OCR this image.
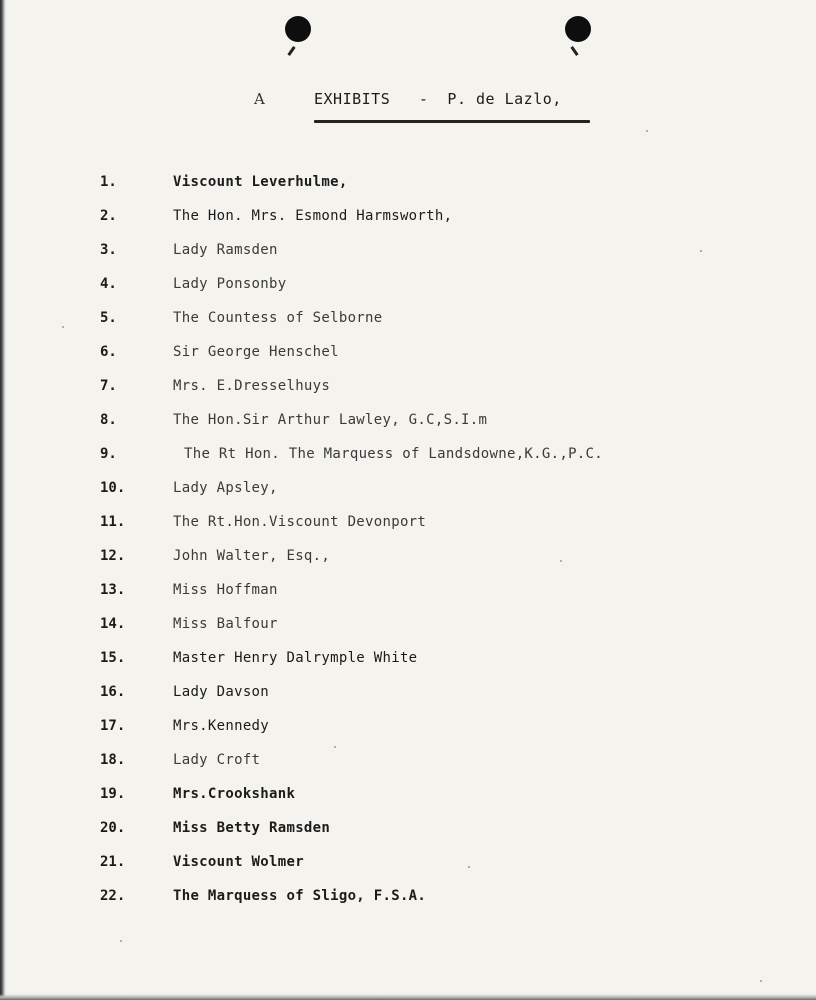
A	EXHIBITS   -  P. de Lazlo,
1.	Viscount Leverhulme,
2.	The Hon. Mrs. Esmond Harmsworth,
3.	Lady Ramsden
4.	Lady Ponsonby
5.	The Countess of Selborne
6.	Sir George Henschel
7.	Mrs. E.Dresselhuys
8.	The Hon.Sir Arthur Lawley, G.C,S.I.m
9.	The Rt Hon. The Marquess of Landsdowne,K.G.,P.C.
10.	Lady Apsley,
11.	The Rt.Hon.Viscount Devonport
12.	John Walter, Esq.,
13.	Miss Hoffman
14.	Miss Balfour
15.	Master Henry Dalrymple White
16.	Lady Davson
17.	Mrs.Kennedy
18.	Lady Croft
19.	Mrs.Crookshank
20.	Miss Betty Ramsden
21.	Viscount Wolmer
22.	The Marquess of Sligo, F.S.A.
